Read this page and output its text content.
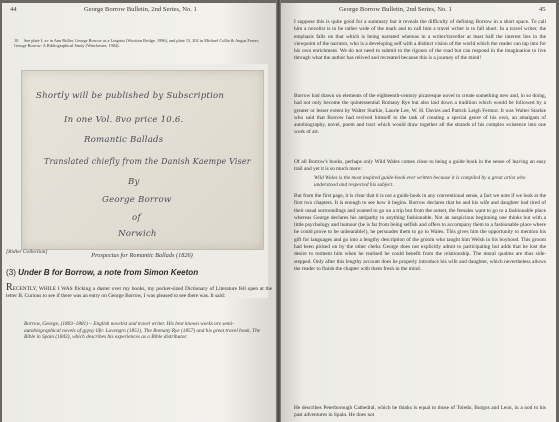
44	George Borrow Bulletin, 2nd Series, No. 1
10. See plate I, xv in Ann Ridler, George Borrow as a Linguist (Wootton Bridge, 1996), and plate 15, 202 in Michael Collie & Angus Fraser, George Borrow: A Bibliographical Study (Winchester, 1984).
Shortly will be published by Subscription
In one Vol. 8vo price 10.6.
Romantic Ballads
Translated chiefly from the Danish Kaempe Viser
By
George Borrow
of
Norwich
Prospectus for Romantic Ballads (1826)
[Ridler Collection]
(3) Under B for Borrow, a note from Simon Keeton
RECENTLY, WHILE I WAS flicking a duster over my books, my pocket-sized Dictionary of Literature fell open at the letter B. Curious to see if there was an entry on George Borrow, I was pleased to see there was. It said:
Borrow, George, (1803–1881) – English novelist and travel writer. His best known works are semi-autobiographical novels of gypsy life: Lavengro (1851), The Romany Rye (1857) and his great travel book, The Bible in Spain (1843), which describes his experiences as a Bible distributor.
George Borrow Bulletin, 2nd Series, No. 1	45
I suppose this is quite good for a summary but it reveals the difficulty of defining Borrow in a short space. To call him a novelist is to be rather wide of the mark and to call him a travel writer is to fall short. In a travel writer, the emphasis falls on that which is being narrated whereas in a writer/traveller at least half the interest lies in the viewpoint of the narrator, who is a developing self with a distinct vision of the world which the reader can tap into for his own enrichment. We do not need to submit to the rigours of the road but can respond in the imagination to live through what the author has relived and recreated because this is a journey of the mind!
Borrow had drawn on elements of the eighteenth-century picaresque novel to create something new and, in so doing, had not only become the quintessential Romany Rye but also laid down a tradition which would be followed by a greater or lesser extent by Walter Starkie, Laurie Lee, W. H. Davies and Patrick Leigh Fermor. It was Walter Starkie who said that Borrow had revived himself to the task of creating a special genre of his own, an amalgam of autobiography, novel, poem and tract which would draw together all the strands of his complex existence into one work of art.
Of all Borrow's books, perhaps only Wild Wales comes close to being a guide book in the sense of leaving an easy trail and yet it is so much more:
Wild Wales is the most inspired guide-book ever written because it is compiled by a great artist who understood and respected his subject.
But from the first page, it is clear that it is not a guide book in any conventional sense, a fact we note if we look at the first two chapters. It is enough to see how it begins. Borrow declares that he and his wife and daughter had tired of their usual surroundings and wanted to go on a trip but from the outset, the females want to go to a fashionable place whereas George declares his antipathy to anything fashionable. Not an auspicious beginning one thinks but with a little psychology and humour (he is far from being selfish and offers to accompany them to a fashionable place where he could prove to be unbearable!), he persuades them to go to Wales. This gives him the opportunity to mention his gift for languages and go into a lengthy description of the groom who taught him Welsh in his boyhood. This groom had been picked on by the other clerks George does not explicitly admit to participating but adds that he lost the desire to torment him when he realised he could benefit from the relationship. The moral qualms are thus side-stepped. Only after this lengthy account does he properly introduce his wife and daughter, which nevertheless allows the reader to finish the chapter with them fresh in the mind.
He describes Peterborough Cathedral, which he thinks is equal to those of Toledo, Burgos and Leon, in a nod to his past adventures in Spain. He does not
